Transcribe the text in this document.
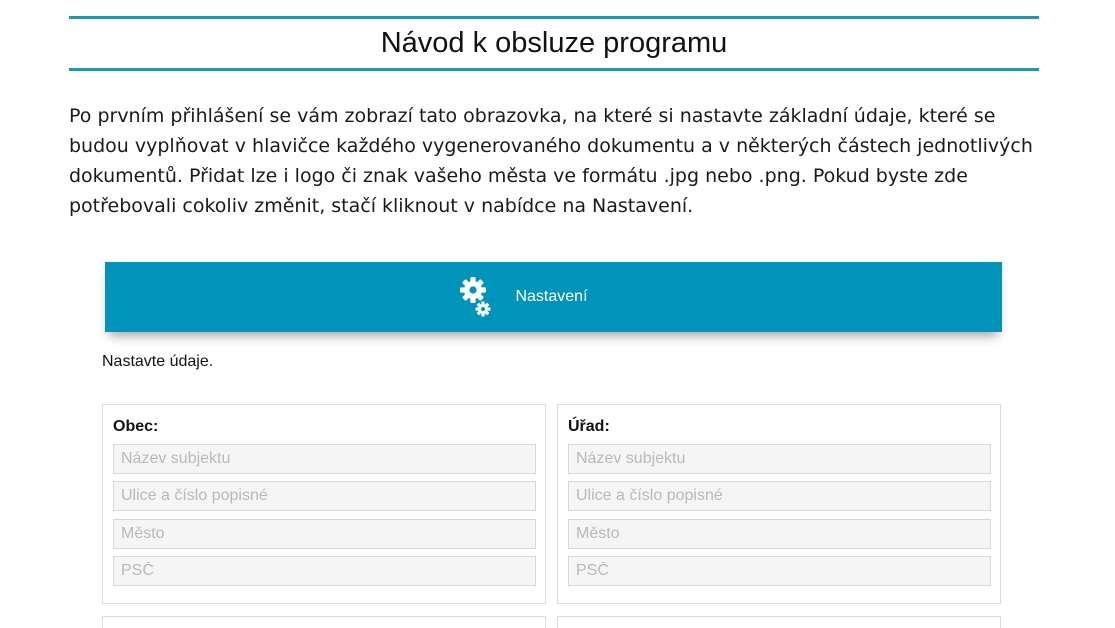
Návod k obsluze programu

Po prvním přihlášení se vám zobrazí tato obrazovka, na které si nastavte základní údaje, které se budou vyplňovat v hlavičce každého vygenerovaného dokumentu a v některých částech jednotlivých dokumentů. Přidat lze i logo či znak vašeho města ve formátu .jpg nebo .png. Pokud byste zde potřebovali cokoliv změnit, stačí kliknout v nabídce na Nastavení.

Nastavení
Nastavte údaje.
Obec:
Název subjektu
Ulice a číslo popisné
Město
PSČ	Úřad:
Název subjektu
Ulice a číslo popisné
Město
PSČ
